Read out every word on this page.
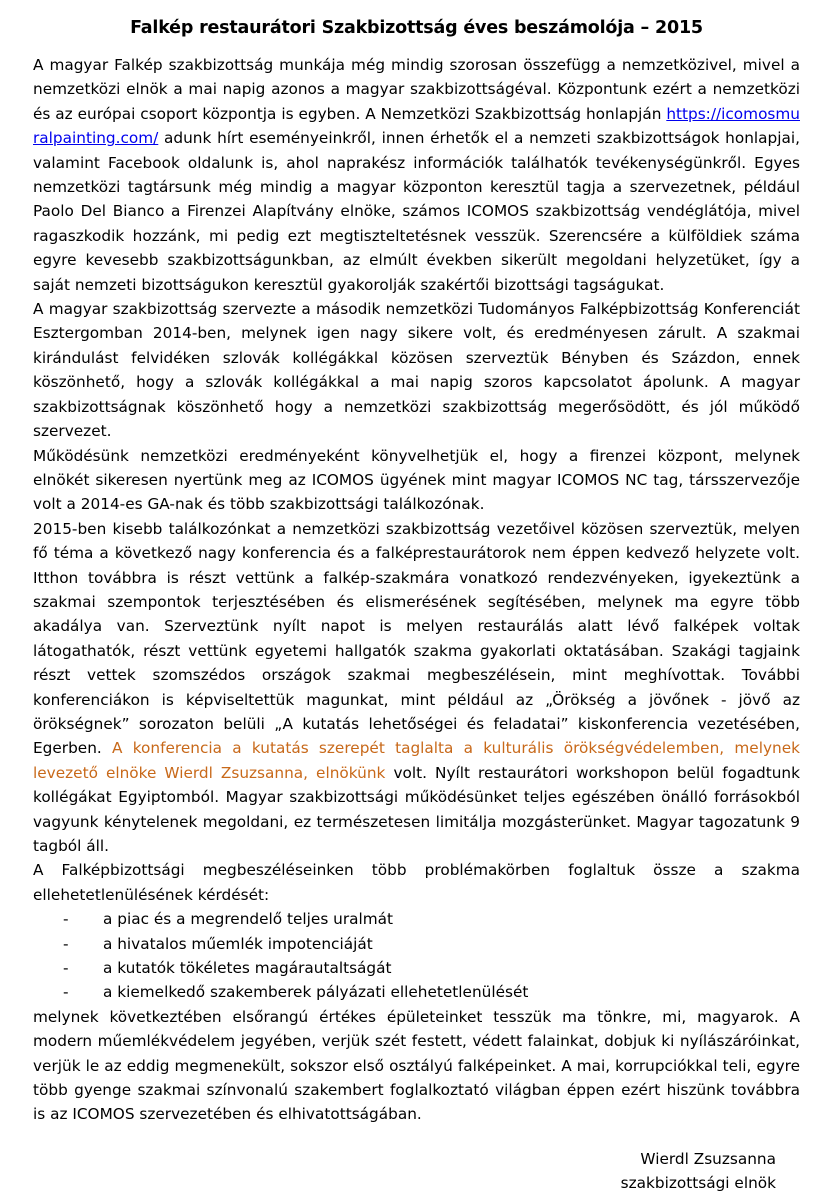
Falkép restaurátori Szakbizottság éves beszámolója – 2015

A magyar Falkép szakbizottság munkája még mindig szorosan összefügg a nemzetközivel, mivel a nemzetközi elnök a mai napig azonos a magyar szakbizottságéval. Központunk ezért a nemzetközi és az európai csoport központja is egyben. A Nemzetközi Szakbizottság honlapján https://icomosmuralpainting.com/ adunk hírt eseményeinkről, innen érhetők el a nemzeti szakbizottságok honlapjai, valamint Facebook oldalunk is, ahol naprakész információk találhatók tevékenységünkről. Egyes nemzetközi tagtársunk még mindig a magyar központon keresztül tagja a szervezetnek, például Paolo Del Bianco a Firenzei Alapítvány elnöke, számos ICOMOS szakbizottság vendéglátója, mivel ragaszkodik hozzánk, mi pedig ezt megtiszteltetésnek vesszük. Szerencsére a külföldiek száma egyre kevesebb szakbizottságunkban, az elmúlt években sikerült megoldani helyzetüket, így a saját nemzeti bizottságukon keresztül gyakorolják szakértői bizottsági tagságukat.

A magyar szakbizottság szervezte a második nemzetközi Tudományos Falképbizottság Konferenciát Esztergomban 2014-ben, melynek igen nagy sikere volt, és eredményesen zárult. A szakmai kirándulást felvidéken szlovák kollégákkal közösen szerveztük Bényben és Százdon, ennek köszönhető, hogy a szlovák kollégákkal a mai napig szoros kapcsolatot ápolunk. A magyar szakbizottságnak köszönhető hogy a nemzetközi szakbizottság megerősödött, és jól működő szervezet.

Működésünk nemzetközi eredményeként könyvelhetjük el, hogy a firenzei központ, melynek elnökét sikeresen nyertünk meg az ICOMOS ügyének mint magyar ICOMOS NC tag, társszervezője volt a 2014-es GA-nak és több szakbizottsági találkozónak.

2015-ben kisebb találkozónkat a nemzetközi szakbizottság vezetőivel közösen szerveztük, melyen fő téma a következő nagy konferencia és a falképrestaurátorok nem éppen kedvező helyzete volt. Itthon továbbra is részt vettünk a falkép-szakmára vonatkozó rendezvényeken, igyekeztünk a szakmai szempontok terjesztésében és elismerésének segítésében, melynek ma egyre több akadálya van. Szerveztünk nyílt napot is melyen restaurálás alatt lévő falképek voltak látogathatók, részt vettünk egyetemi hallgatók szakma gyakorlati oktatásában. Szakági tagjaink részt vettek szomszédos országok szakmai megbeszélésein, mint meghívottak. További konferenciákon is képviseltettük magunkat, mint például az „Örökség a jövőnek - jövő az örökségnek” sorozaton belüli „A kutatás lehetőségei és feladatai” kiskonferencia vezetésében, Egerben. A konferencia a kutatás szerepét taglalta a kulturális örökségvédelemben, melynek levezető elnöke Wierdl Zsuzsanna, elnökünk volt. Nyílt restaurátori workshopon belül fogadtunk kollégákat Egyiptomból. Magyar szakbizottsági működésünket teljes egészében önálló forrásokból vagyunk kénytelenek megoldani, ez természetesen limitálja mozgásterünket. Magyar tagozatunk 9 tagból áll.

A Falképbizottsági megbeszéléseinken több problémakörben foglaltuk össze a szakma ellehetetlenülésének kérdését:

-	a piac és a megrendelő teljes uralmát
-	a hivatalos műemlék impotenciáját
-	a kutatók tökéletes magárautaltságát
-	a kiemelkedő szakemberek pályázati ellehetetlenülését

melynek következtében elsőrangú értékes épületeinket tesszük ma tönkre, mi, magyarok. A modern műemlékvédelem jegyében, verjük szét festett, védett falainkat, dobjuk ki nyílászáróinkat, verjük le az eddig megmenekült, sokszor első osztályú falképeinket. A mai, korrupciókkal teli, egyre több gyenge szakmai színvonalú szakembert foglalkoztató világban éppen ezért hiszünk továbbra is az ICOMOS szervezetében és elhivatottságában.

Wierdl Zsuzsanna
szakbizottsági elnök
